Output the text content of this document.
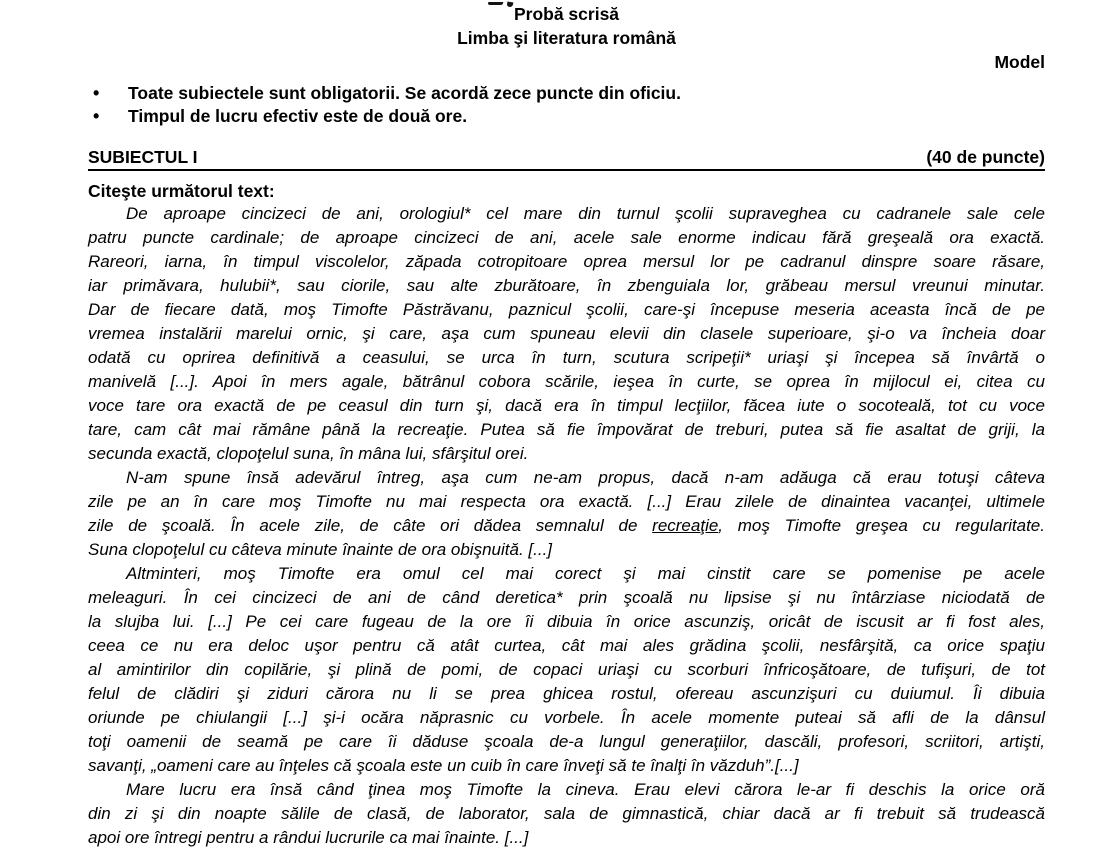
Probă scrisă
Limba şi literatura română
Model
•	Toate subiectele sunt obligatorii. Se acordă zece puncte din oficiu.
•	Timpul de lucru efectiv este de două ore.
SUBIECTUL I	(40 de puncte)
Citeşte următorul text:
De aproape cincizeci de ani, orologiul* cel mare din turnul şcolii supraveghea cu cadranele sale cele
patru puncte cardinale; de aproape cincizeci de ani, acele sale enorme indicau fără greşeală ora exactă.
Rareori, iarna, în timpul viscolelor, zăpada cotropitoare oprea mersul lor pe cadranul dinspre soare răsare,
iar primăvara, hulubii*, sau ciorile, sau alte zburătoare, în zbenguiala lor, grăbeau mersul vreunui minutar.
Dar de fiecare dată, moş Timofte Păstrăvanu, paznicul şcolii, care-şi începuse meseria aceasta încă de pe
vremea instalării marelui ornic, şi care, aşa cum spuneau elevii din clasele superioare, şi-o va încheia doar
odată cu oprirea definitivă a ceasului, se urca în turn, scutura scripeţii* uriaşi şi începea să învârtă o
manivelă [...]. Apoi în mers agale, bătrânul cobora scările, ieşea în curte, se oprea în mijlocul ei, citea cu
voce tare ora exactă de pe ceasul din turn şi, dacă era în timpul lecţiilor, făcea iute o socoteală, tot cu voce
tare, cam cât mai rămâne până la recreaţie. Putea să fie împovărat de treburi, putea să fie asaltat de griji, la
secunda exactă, clopoţelul suna, în mâna lui, sfârşitul orei.
N-am spune însă adevărul întreg, aşa cum ne-am propus, dacă n-am adăuga că erau totuşi câteva
zile pe an în care moş Timofte nu mai respecta ora exactă. [...] Erau zilele de dinaintea vacanţei, ultimele
zile de şcoală. În acele zile, de câte ori dădea semnalul de recreaţie, moş Timofte greşea cu regularitate.
Suna clopoţelul cu câteva minute înainte de ora obişnuită. [...]
Altminteri, moş Timofte era omul cel mai corect şi mai cinstit care se pomenise pe acele
meleaguri. În cei cincizeci de ani de când deretica* prin şcoală nu lipsise şi nu întârziase niciodată de
la slujba lui. [...] Pe cei care fugeau de la ore îi dibuia în orice ascunziş, oricât de iscusit ar fi fost ales,
ceea ce nu era deloc uşor pentru că atât curtea, cât mai ales grădina şcolii, nesfârşită, ca orice spaţiu
al amintirilor din copilărie, şi plină de pomi, de copaci uriaşi cu scorburi înfricoşătoare, de tufişuri, de tot
felul de clădiri şi ziduri cărora nu li se prea ghicea rostul, ofereau ascunzişuri cu duiumul. Îi dibuia
oriunde pe chiulangii [...] şi-i ocăra năprasnic cu vorbele. În acele momente puteai să afli de la dânsul
toţi oamenii de seamă pe care îi dăduse şcoala de-a lungul generaţiilor, dascăli, profesori, scriitori, artişti,
savanţi, „oameni care au înţeles că şcoala este un cuib în care înveţi să te înalţi în văzduh”.[...]
Mare lucru era însă când ţinea moş Timofte la cineva. Erau elevi cărora le-ar fi deschis la orice oră
din zi şi din noapte sălile de clasă, de laborator, sala de gimnastică, chiar dacă ar fi trebuit să trudească
apoi ore întregi pentru a rândui lucrurile ca mai înainte. [...]
